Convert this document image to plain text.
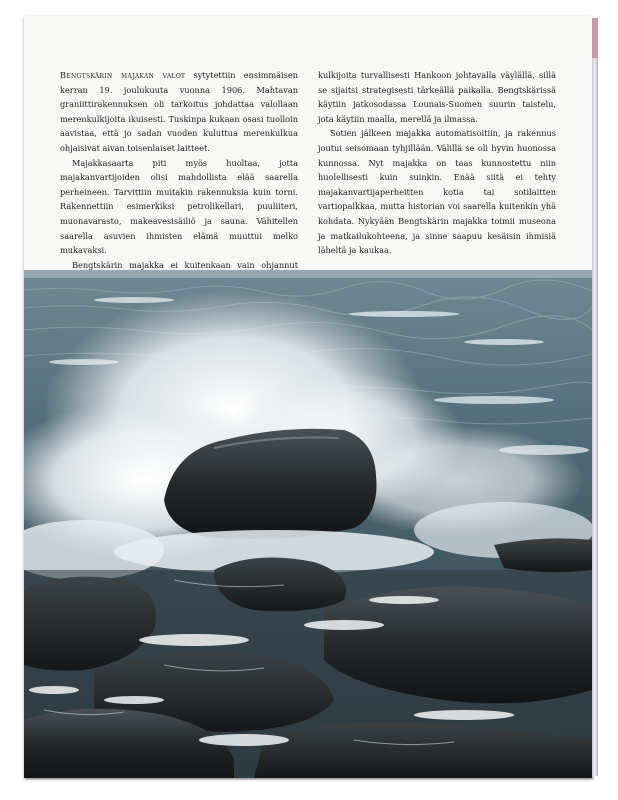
Bengtskärin majakan valot sytytettiin ensimmäisen kerran 19. joulukuuta vuonna 1906. Mahtavan graniittirakennuksen oli tarkoitus johdattaa valollaan merenkulkijoita ikuisesti. Tuskinpa kukaan osasi tuolloin aavistaa, että jo sadan vuoden kuluttua merenkulkua ohjaisivat aivan toisenlaiset laitteet.

Majakkasaarta piti myös huoltaa, jotta majakanvartijoiden olisi mahdollista elää saarella perheineen. Tarvittiin muitakin rakennuksia kuin torni. Rakennettiin esimerkiksi petrolikellari, puuliiteri, muonavarasto, makeavesisäiliö ja sauna. Vähitellen saarella asuvien ihmisten elämä muuttui melko mukavaksi.

Bengtskärin majakka ei kuitenkaan vain ohjannut

kulkijoita turvallisesti Hankoon johtavalla väylällä, sillä se sijaitsi strategisesti tärkeällä paikalla. Bengtskärissä käytiin jatkosodassa Lounais-Suomen suurin taistelu, jota käytiin maalla, merellä ja ilmassa.

Sotien jälkeen majakka automatisoitiin, ja rakennus joutui seisomaan tyhjillään. Välillä se oli hyvin huonossa kunnossa. Nyt majakka on taas kunnostettu niin huolellisesti kuin suinkin. Enää siitä ei tehty majakanvartijaperheitten kotia tai sotilaitten vartiopaikkaa, mutta historian voi saarella kuitenkin yhä kohdata. Nykyään Bengtskärin majakka toimii museona ja matkailukohteena, ja sinne saapuu kesäisin ihmisiä läheltä ja kaukaa.
